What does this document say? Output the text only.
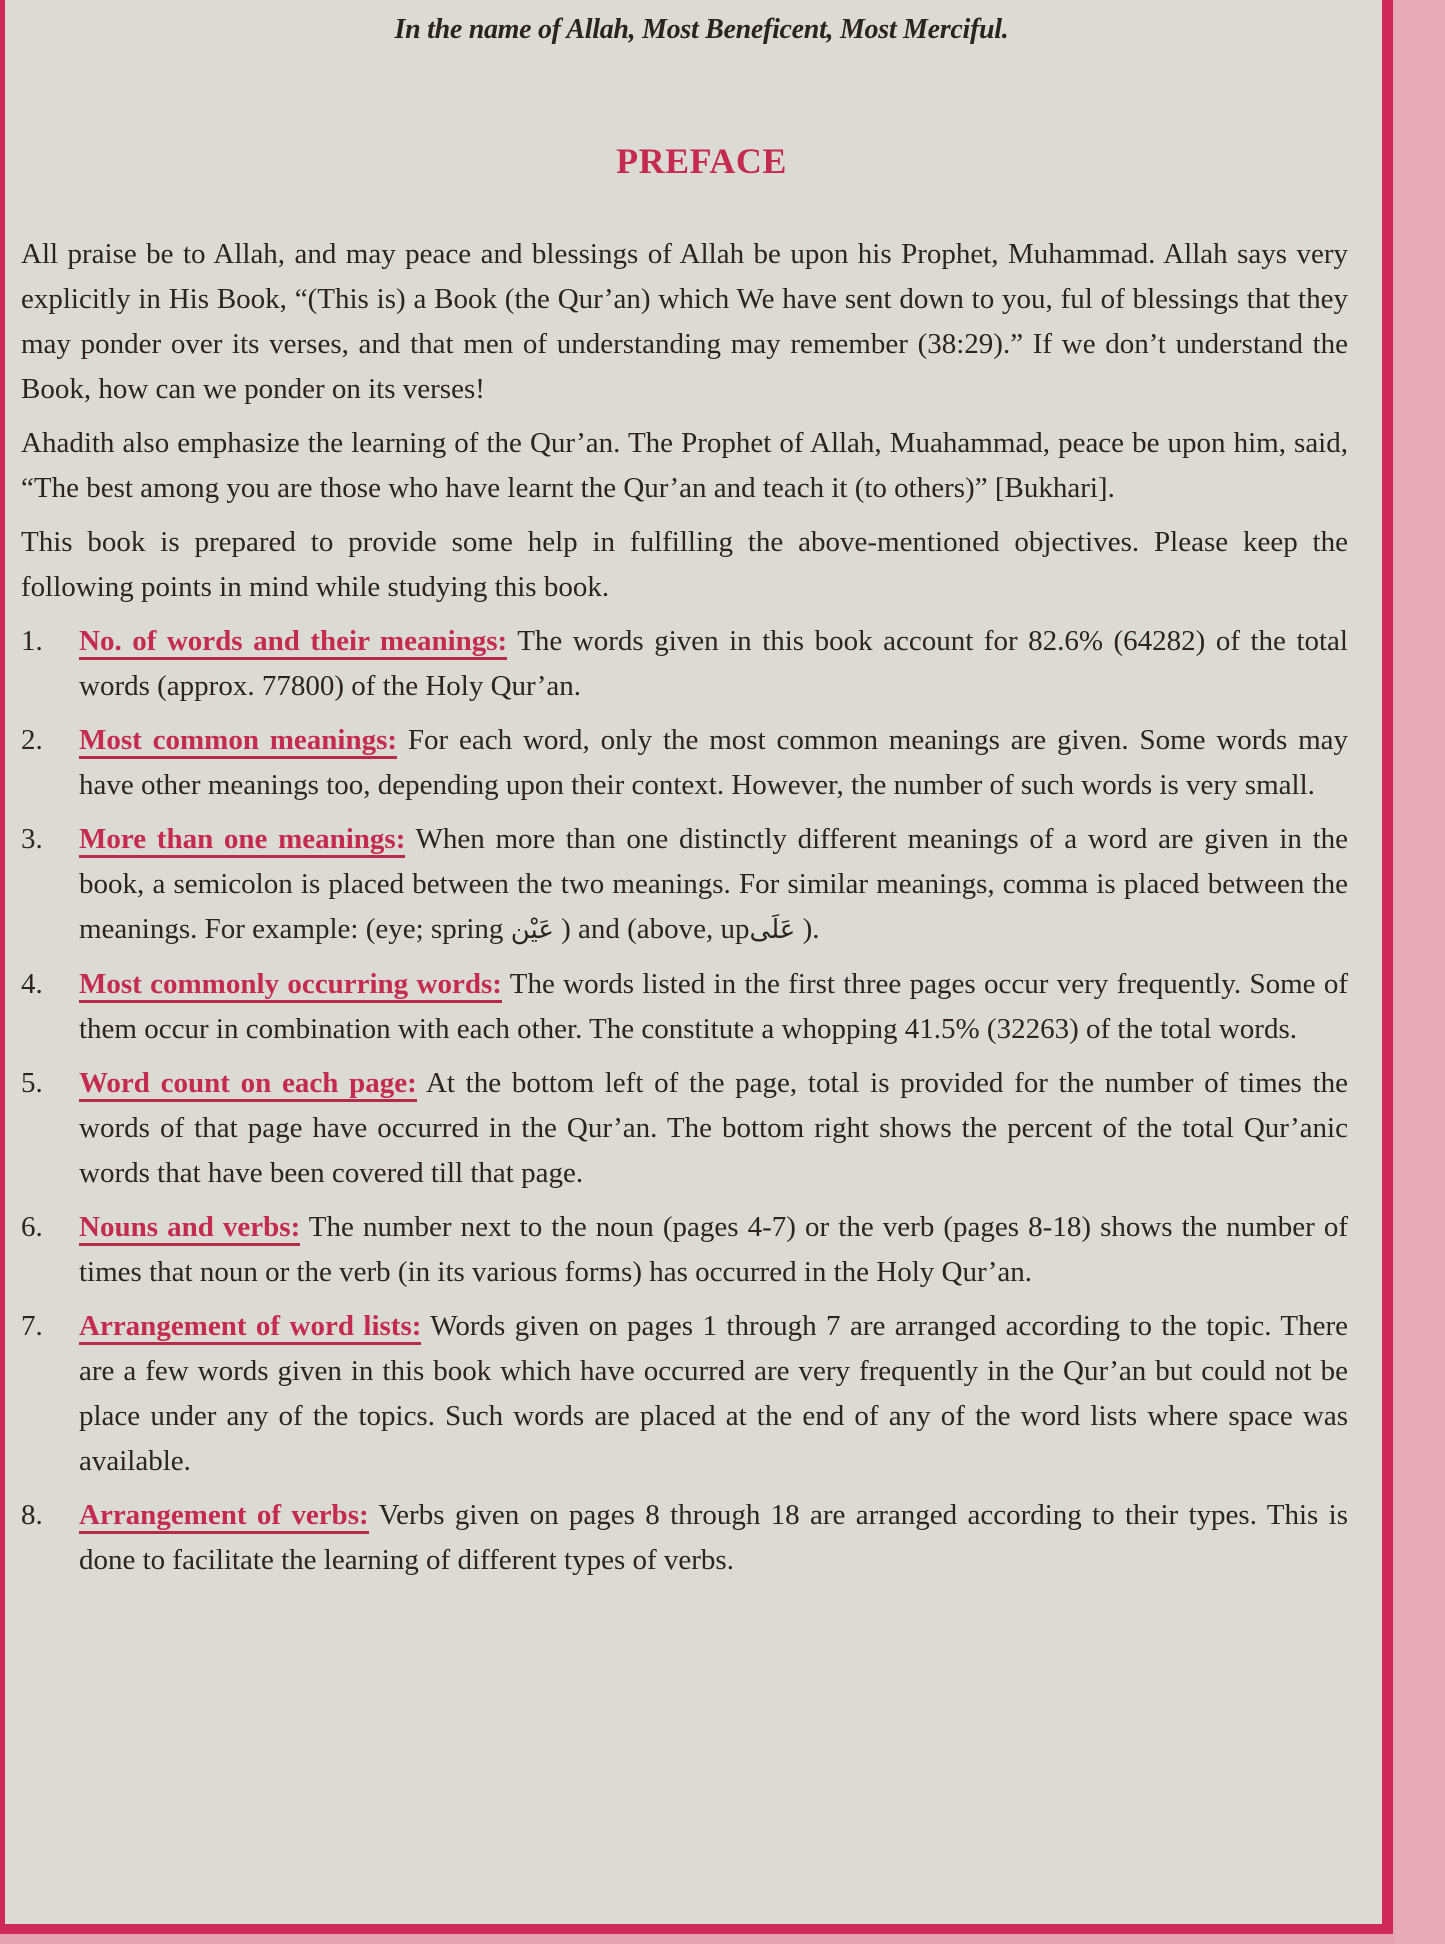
In the name of Allah, Most Beneficent, Most Merciful.
PREFACE

All praise be to Allah, and may peace and blessings of Allah be upon his Prophet, Muhammad. Allah says very explicitly in His Book, “(This is) a Book (the Qur’an) which We have sent down to you, ful of blessings that they may ponder over its verses, and that men of understanding may remember (38:29).” If we don’t understand the Book, how can we ponder on its verses!

Ahadith also emphasize the learning of the Qur’an. The Prophet of Allah, Muahammad, peace be upon him, said, “The best among you are those who have learnt the Qur’an and teach it (to others)” [Bukhari].

This book is prepared to provide some help in fulfilling the above-mentioned objectives. Please keep the following points in mind while studying this book.

1.	No. of words and their meanings: The words given in this book account for 82.6% (64282) of the total words (approx. 77800) of the Holy Qur’an.
2.	Most common meanings: For each word, only the most common meanings are given. Some words may have other meanings too, depending upon their context. However, the number of such words is very small.
3.	More than one meanings: When more than one distinctly different meanings of a word are given in the book, a semicolon is placed between the two meanings. For similar meanings, comma is placed between the meanings. For example: (eye; spring عَيْن ) and (above, upعَلَى ).
4.	Most commonly occurring words: The words listed in the first three pages occur very frequently. Some of them occur in combination with each other. The constitute a whopping 41.5% (32263) of the total words.
5.	Word count on each page: At the bottom left of the page, total is provided for the number of times the words of that page have occurred in the Qur’an. The bottom right shows the percent of the total Qur’anic words that have been covered till that page.
6.	Nouns and verbs: The number next to the noun (pages 4-7) or the verb (pages 8-18) shows the number of times that noun or the verb (in its various forms) has occurred in the Holy Qur’an.
7.	Arrangement of word lists: Words given on pages 1 through 7 are arranged according to the topic. There are a few words given in this book which have occurred are very frequently in the Qur’an but could not be place under any of the topics. Such words are placed at the end of any of the word lists where space was available.
8.	Arrangement of verbs: Verbs given on pages 8 through 18 are arranged according to their types. This is done to facilitate the learning of different types of verbs.
